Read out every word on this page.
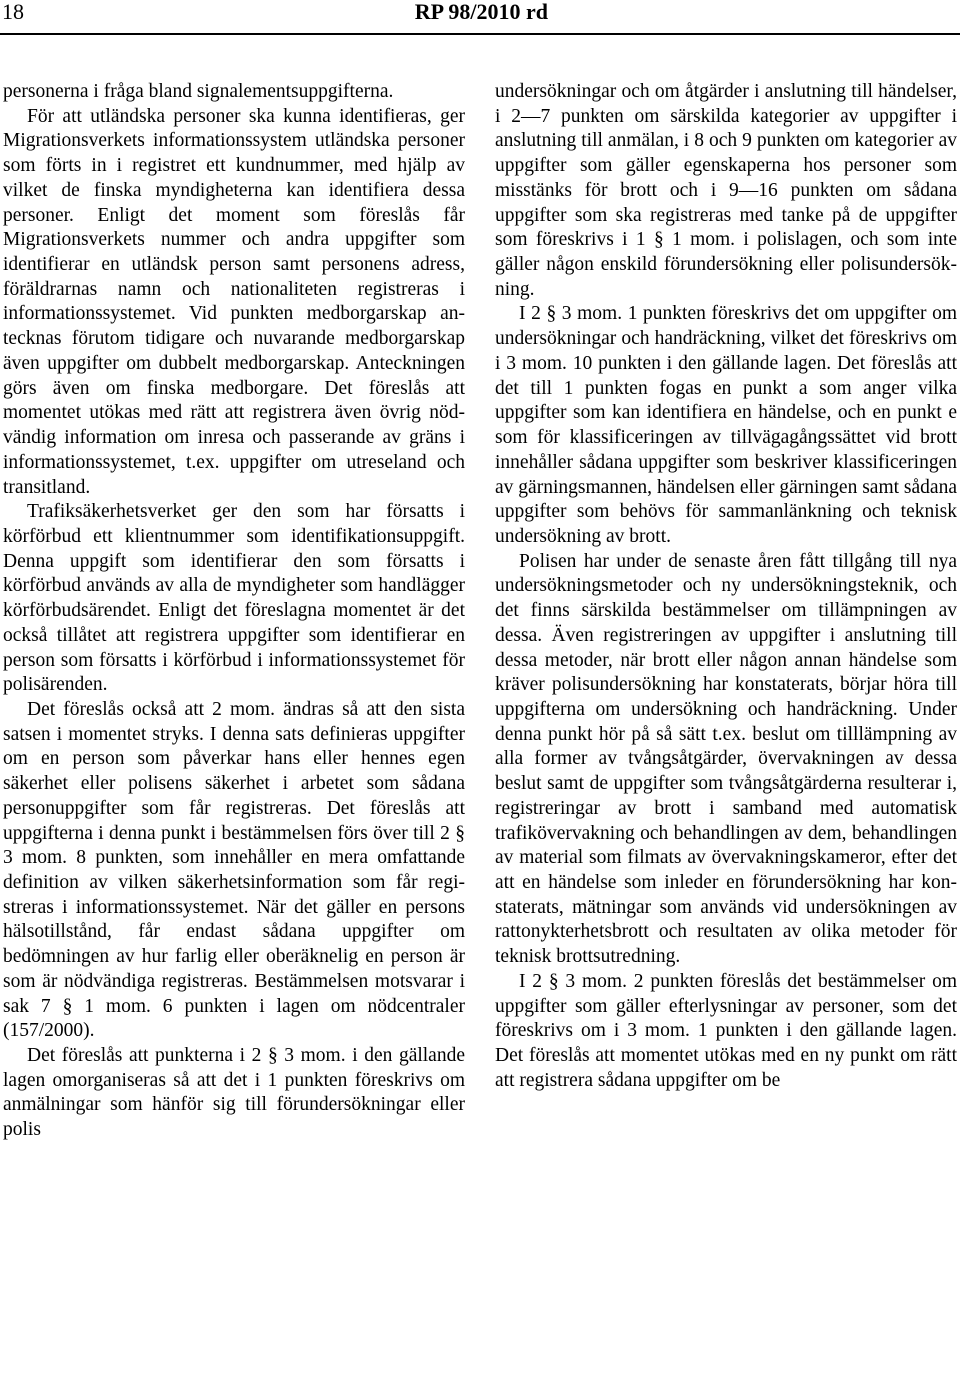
18	RP 98/2010 rd

personerna i fråga bland signalementsuppgifterna.

För att utländska personer ska kunna identifieras, ger Migrationsverkets informationssystem utländska personer som förts in i registret ett kundnummer, med hjälp av vilket de finska myndigheterna kan identifiera dessa personer. Enligt det moment som föreslås får Migrationsverkets nummer och andra uppgifter som identifierar en utländsk person samt personens adress, föräldrarnas namn och nationaliteten registreras i informationssystemet. Vid punkten medborgarskap antecknas förutom tidigare och nuvarande medborgarskap även uppgifter om dubbelt medborgarskap. Anteckningen görs även om finska medborgare. Det föreslås att momentet utökas med rätt att registrera även övrig nödvändig information om inresa och passerande av gräns i informationssystemet, t.ex. uppgifter om utreseland och transitland.

Trafiksäkerhetsverket ger den som har försatts i körförbud ett klientnummer som identifikationsuppgift. Denna uppgift som identifierar den som försatts i körförbud används av alla de myndigheter som handlägger körförbudsärendet. Enligt det föreslagna momentet är det också tillåtet att registrera uppgifter som identifierar en person som försatts i körförbud i informationssystemet för polisärenden.

Det föreslås också att 2 mom. ändras så att den sista satsen i momentet stryks. I denna sats definieras uppgifter om en person som påverkar hans eller hennes egen säkerhet eller polisens säkerhet i arbetet som sådana personuppgifter som får registreras. Det föreslås att uppgifterna i denna punkt i bestämmelsen förs över till 2 § 3 mom. 8 punkten, som innehåller en mera omfattande definition av vilken säkerhetsinformation som får registreras i informationssystemet. När det gäller en persons hälsotillstånd, får endast sådana uppgifter om bedömningen av hur farlig eller oberäknelig en person är som är nödvändiga registreras. Bestämmelsen motsvarar i sak 7 § 1 mom. 6 punkten i lagen om nödcentraler (157/2000).

Det föreslås att punkterna i 2 § 3 mom. i den gällande lagen omorganiseras så att det i 1 punkten föreskrivs om anmälningar som hänför sig till förundersökningar eller polis

undersökningar och om åtgärder i anslutning till händelser, i 2—7 punkten om särskilda kategorier av uppgifter i anslutning till anmälan, i 8 och 9 punkten om kategorier av uppgifter som gäller egenskaperna hos personer som misstänks för brott och i 9—16 punkten om sådana uppgifter som ska registreras med tanke på de uppgifter som föreskrivs i 1 § 1 mom. i polislagen, och som inte gäller någon enskild förundersökning eller polisundersökning.

I 2 § 3 mom. 1 punkten föreskrivs det om uppgifter om undersökningar och handräckning, vilket det föreskrivs om i 3 mom. 10 punkten i den gällande lagen. Det föreslås att det till 1 punkten fogas en punkt a som anger vilka uppgifter som kan identifiera en händelse, och en punkt e som för klassificeringen av tillvägagångssättet vid brott innehåller sådana uppgifter som beskriver klassificeringen av gärningsmannen, händelsen eller gärningen samt sådana uppgifter som behövs för sammanlänkning och teknisk undersökning av brott.

Polisen har under de senaste åren fått tillgång till nya undersökningsmetoder och ny undersökningsteknik, och det finns särskilda bestämmelser om tillämpningen av dessa. Även registreringen av uppgifter i anslutning till dessa metoder, när brott eller någon annan händelse som kräver polisundersökning har konstaterats, börjar höra till uppgifterna om undersökning och handräckning. Under denna punkt hör på så sätt t.ex. beslut om tilllämpning av alla former av tvångsåtgärder, övervakningen av dessa beslut samt de uppgifter som tvångsåtgärderna resulterar i, registreringar av brott i samband med automatisk trafikövervakning och behandlingen av dem, behandlingen av material som filmats av övervakningskameror, efter det att en händelse som inleder en förundersökning har konstaterats, mätningar som används vid undersökningen av rattonykterhetsbrott och resultaten av olika metoder för teknisk brottsutredning.

I 2 § 3 mom. 2 punkten föreslås det bestämmelser om uppgifter som gäller efterlysningar av personer, som det föreskrivs om i 3 mom. 1 punkten i den gällande lagen. Det föreslås att momentet utökas med en ny punkt om rätt att registrera sådana uppgifter om be
